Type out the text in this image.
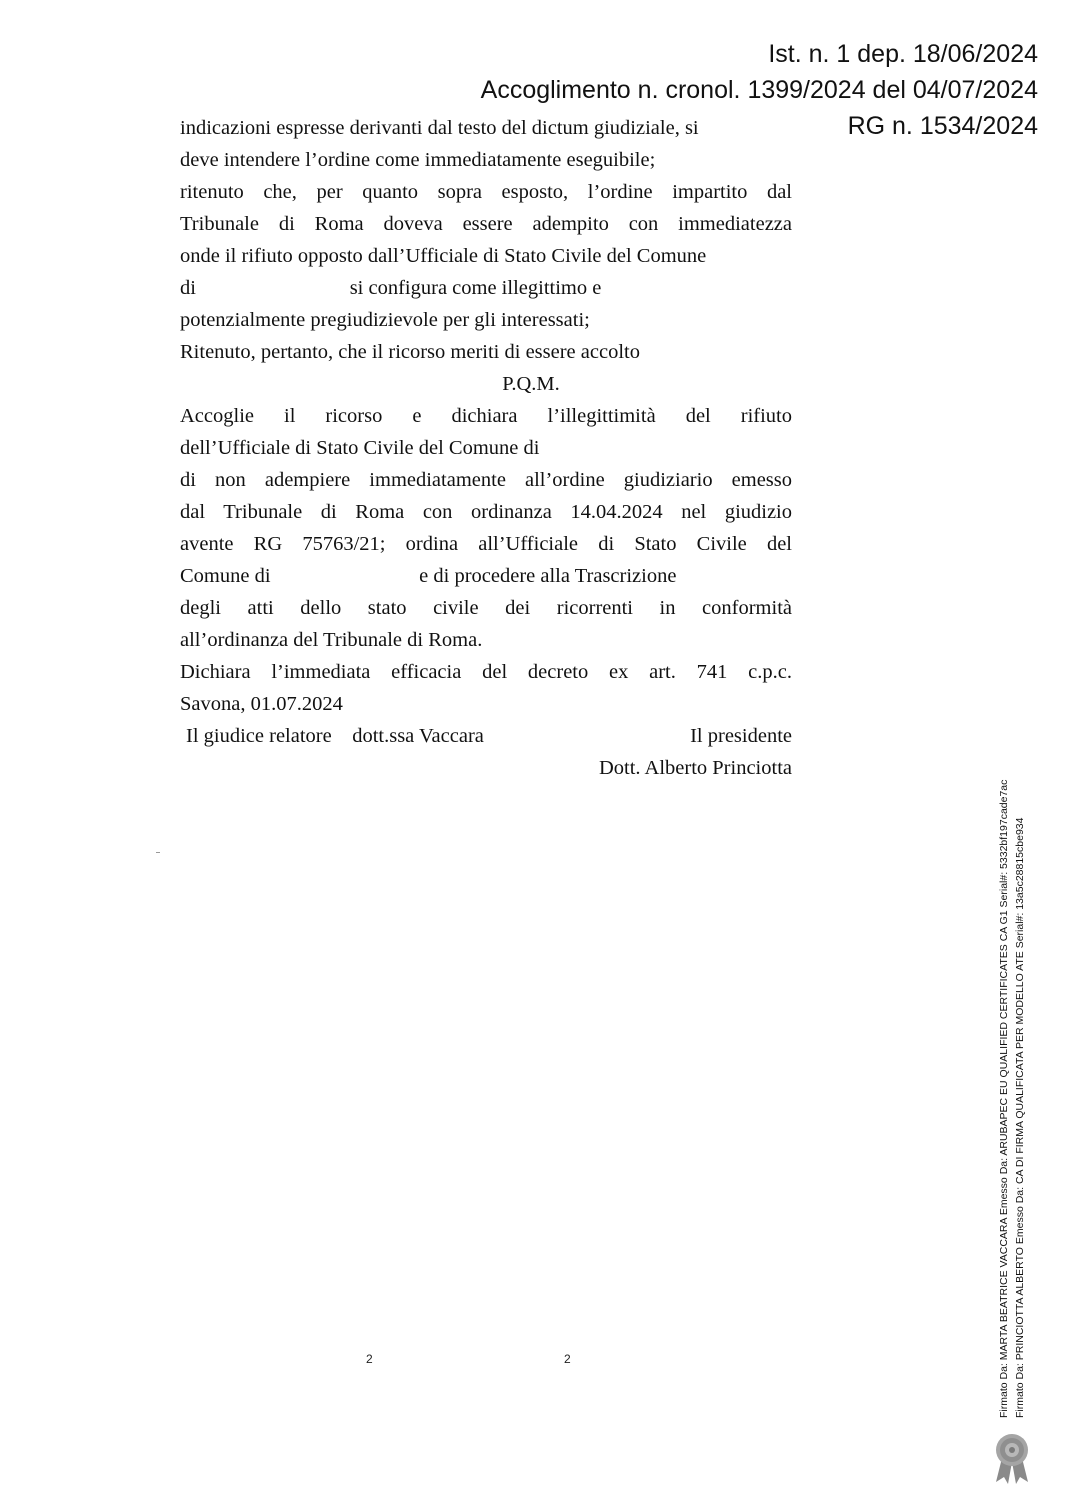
Ist. n. 1 dep. 18/06/2024
Accoglimento n. cronol. 1399/2024 del 04/07/2024
RG n. 1534/2024
indicazioni espresse derivanti dal testo del dictum giudiziale, si
deve intendere l’ordine come immediatamente eseguibile;
ritenuto che, per quanto sopra esposto, l’ordine impartito dal
Tribunale di Roma doveva essere adempito con immediatezza
onde il rifiuto opposto dall’Ufficiale di Stato Civile del Comune
di                              si configura come illegittimo e
potenzialmente pregiudizievole per gli interessati;
Ritenuto, pertanto, che il ricorso meriti di essere accolto
P.Q.M.
Accoglie il ricorso e dichiara l’illegittimità del rifiuto
dell’Ufficiale di Stato Civile del Comune di
di non adempiere immediatamente all’ordine giudiziario emesso
dal Tribunale di Roma con ordinanza 14.04.2024 nel giudizio
avente RG 75763/21; ordina all’Ufficiale di Stato Civile del
Comune di                             e di procedere alla Trascrizione
degli atti dello stato civile dei ricorrenti in conformità
all’ordinanza del Tribunale di Roma.
Dichiara l’immediata efficacia del decreto ex art. 741 c.p.c.
Savona, 01.07.2024
Il giudice relatore    dott.ssa Vaccara	Il presidente
Dott. Alberto Princiotta
2	2	Firmato Da: MARTA BEATRICE VACCARA Emesso Da: ARUBAPEC EU QUALIFIED CERTIFICATES CA G1 Serial#: 5332bf197cade7ac Firmato Da: PRINCIOTTA ALBERTO Emesso Da: CA DI FIRMA QUALIFICATA PER MODELLO ATE Serial#: 13a5c28815cbe934
